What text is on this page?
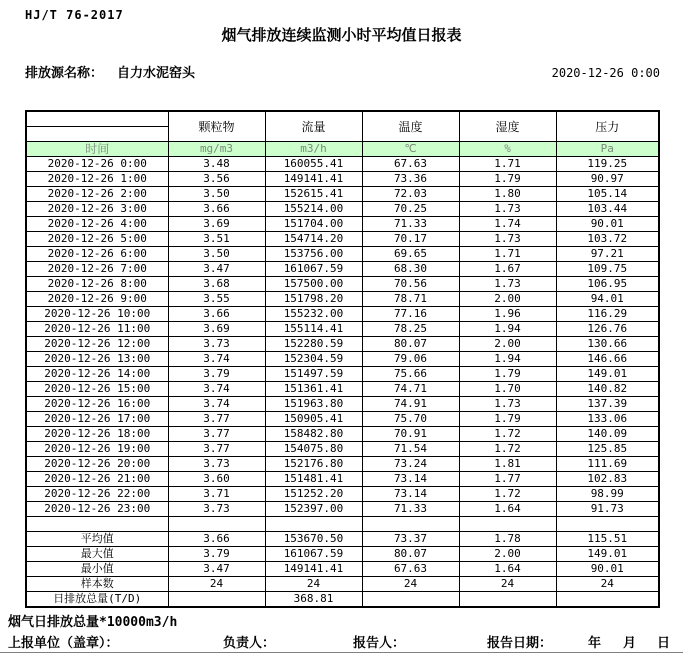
HJ/T 76-2017
烟气排放连续监测小时平均值日报表
排放源名称： 自力水泥窑头	2020-12-26 0:00
	颗粒物	流量	温度	湿度	压力

时间	mg/m3	m3/h	℃	%	Pa
2020-12-26 0:00	3.48	160055.41	67.63	1.71	119.25
2020-12-26 1:00	3.56	149141.41	73.36	1.79	90.97
2020-12-26 2:00	3.50	152615.41	72.03	1.80	105.14
2020-12-26 3:00	3.66	155214.00	70.25	1.73	103.44
2020-12-26 4:00	3.69	151704.00	71.33	1.74	90.01
2020-12-26 5:00	3.51	154714.20	70.17	1.73	103.72
2020-12-26 6:00	3.50	153756.00	69.65	1.71	97.21
2020-12-26 7:00	3.47	161067.59	68.30	1.67	109.75
2020-12-26 8:00	3.68	157500.00	70.56	1.73	106.95
2020-12-26 9:00	3.55	151798.20	78.71	2.00	94.01
2020-12-26 10:00	3.66	155232.00	77.16	1.96	116.29
2020-12-26 11:00	3.69	155114.41	78.25	1.94	126.76
2020-12-26 12:00	3.73	152280.59	80.07	2.00	130.66
2020-12-26 13:00	3.74	152304.59	79.06	1.94	146.66
2020-12-26 14:00	3.79	151497.59	75.66	1.79	149.01
2020-12-26 15:00	3.74	151361.41	74.71	1.70	140.82
2020-12-26 16:00	3.74	151963.80	74.91	1.73	137.39
2020-12-26 17:00	3.77	150905.41	75.70	1.79	133.06
2020-12-26 18:00	3.77	158482.80	70.91	1.72	140.09
2020-12-26 19:00	3.77	154075.80	71.54	1.72	125.85
2020-12-26 20:00	3.73	152176.80	73.24	1.81	111.69
2020-12-26 21:00	3.60	151481.41	73.14	1.77	102.83
2020-12-26 22:00	3.71	151252.20	73.14	1.72	98.99
2020-12-26 23:00	3.73	152397.00	71.33	1.64	91.73

平均值	3.66	153670.50	73.37	1.78	115.51
最大值	3.79	161067.59	80.07	2.00	149.01
最小值	3.47	149141.41	67.63	1.64	90.01
样本数	24	24	24	24	24
日排放总量(T/D)		368.81			
烟气日排放总量*10000m3/h
上报单位（盖章）：	负责人：	报告人：	报告日期：	年 月 日
